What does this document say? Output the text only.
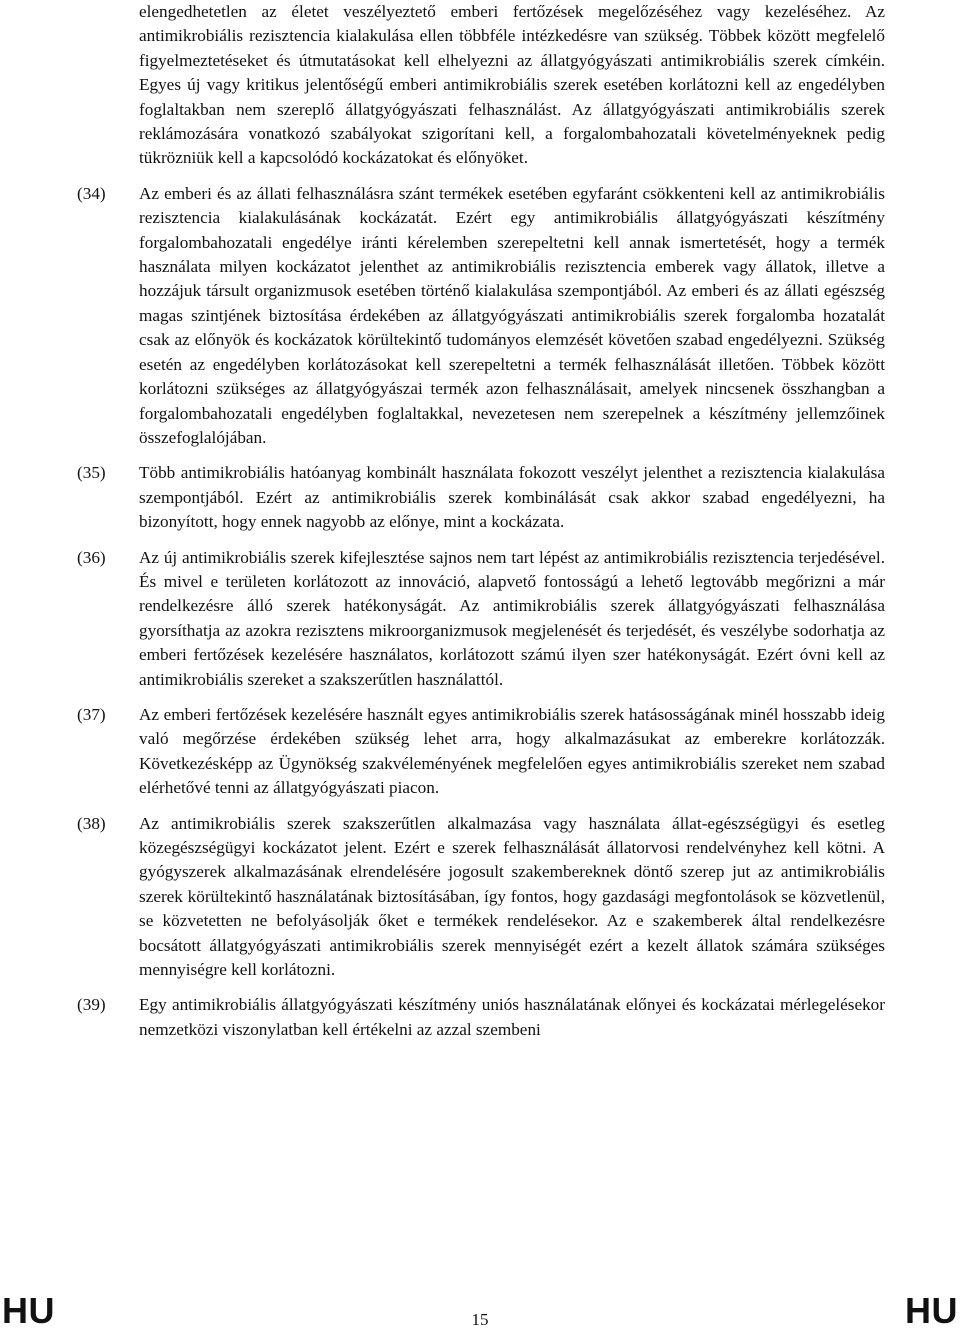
elengedhetetlen az életet veszélyeztető emberi fertőzések megelőzéséhez vagy kezeléséhez. Az antimikrobiális rezisztencia kialakulása ellen többféle intézkedésre van szükség. Többek között megfelelő figyelmeztetéseket és útmutatásokat kell elhelyezni az állatgyógyászati antimikrobiális szerek címkéin. Egyes új vagy kritikus jelentőségű emberi antimikrobiális szerek esetében korlátozni kell az engedélyben foglaltakban nem szereplő állatgyógyászati felhasználást. Az állatgyógyászati antimikrobiális szerek reklámozására vonatkozó szabályokat szigorítani kell, a forgalombahozatali követelményeknek pedig tükrözniük kell a kapcsolódó kockázatokat és előnyöket.
(34)	Az emberi és az állati felhasználásra szánt termékek esetében egyfaránt csökkenteni kell az antimikrobiális rezisztencia kialakulásának kockázatát. Ezért egy antimikrobiális állatgyógyászati készítmény forgalombahozatali engedélye iránti kérelemben szerepeltetni kell annak ismertetését, hogy a termék használata milyen kockázatot jelenthet az antimikrobiális rezisztencia emberek vagy állatok, illetve a hozzájuk társult organizmusok esetében történő kialakulása szempontjából. Az emberi és az állati egészség magas szintjének biztosítása érdekében az állatgyógyászati antimikrobiális szerek forgalomba hozatalát csak az előnyök és kockázatok körültekintő tudományos elemzését követően szabad engedélyezni. Szükség esetén az engedélyben korlátozásokat kell szerepeltetni a termék felhasználását illetően. Többek között korlátozni szükséges az állatgyógyászai termék azon felhasználásait, amelyek nincsenek összhangban a forgalombahozatali engedélyben foglaltakkal, nevezetesen nem szerepelnek a készítmény jellemzőinek összefoglalójában.
(35)	Több antimikrobiális hatóanyag kombinált használata fokozott veszélyt jelenthet a rezisztencia kialakulása szempontjából. Ezért az antimikrobiális szerek kombinálását csak akkor szabad engedélyezni, ha bizonyított, hogy ennek nagyobb az előnye, mint a kockázata.
(36)	Az új antimikrobiális szerek kifejlesztése sajnos nem tart lépést az antimikrobiális rezisztencia terjedésével. És mivel e területen korlátozott az innováció, alapvető fontosságú a lehető legtovább megőrizni a már rendelkezésre álló szerek hatékonyságát. Az antimikrobiális szerek állatgyógyászati felhasználása gyorsíthatja az azokra rezisztens mikroorganizmusok megjelenését és terjedését, és veszélybe sodorhatja az emberi fertőzések kezelésére használatos, korlátozott számú ilyen szer hatékonyságát. Ezért óvni kell az antimikrobiális szereket a szakszerűtlen használattól.
(37)	Az emberi fertőzések kezelésére használt egyes antimikrobiális szerek hatásosságának minél hosszabb ideig való megőrzése érdekében szükség lehet arra, hogy alkalmazásukat az emberekre korlátozzák. Következésképp az Ügynökség szakvéleményének megfelelően egyes antimikrobiális szereket nem szabad elérhetővé tenni az állatgyógyászati piacon.
(38)	Az antimikrobiális szerek szakszerűtlen alkalmazása vagy használata állat-egészségügyi és esetleg közegészségügyi kockázatot jelent. Ezért e szerek felhasználását állatorvosi rendelvényhez kell kötni. A gyógyszerek alkalmazásának elrendelésére jogosult szakembereknek döntő szerep jut az antimikrobiális szerek körültekintő használatának biztosításában, így fontos, hogy gazdasági megfontolások se közvetlenül, se közvetetten ne befolyásolják őket e termékek rendelésekor. Az e szakemberek által rendelkezésre bocsátott állatgyógyászati antimikrobiális szerek mennyiségét ezért a kezelt állatok számára szükséges mennyiségre kell korlátozni.
(39)	Egy antimikrobiális állatgyógyászati készítmény uniós használatának előnyei és kockázatai mérlegelésekor nemzetközi viszonylatban kell értékelni az azzal szembeni
HU	15	HU
